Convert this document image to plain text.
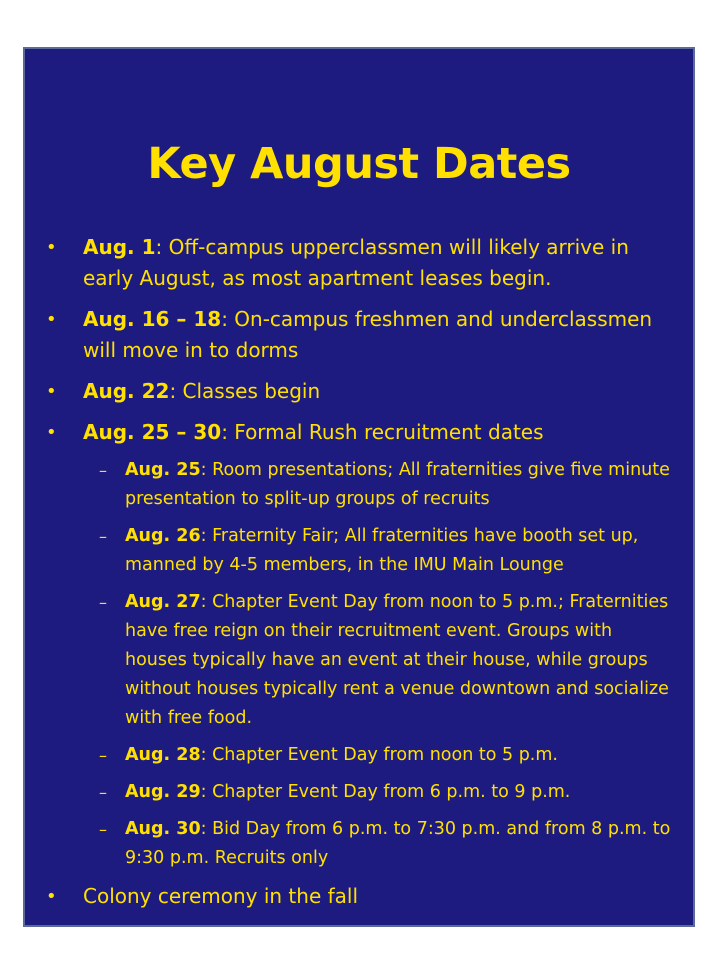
Key August Dates
• Aug. 1: Off-campus upperclassmen will likely arrive in early August, as most apartment leases begin.
• Aug. 16 – 18: On-campus freshmen and underclassmen will move in to dorms
• Aug. 22: Classes begin
• Aug. 25 – 30: Formal Rush recruitment dates
– Aug. 25: Room presentations; All fraternities give five minute presentation to split-up groups of recruits
– Aug. 26: Fraternity Fair; All fraternities have booth set up, manned by 4-5 members, in the IMU Main Lounge
– Aug. 27: Chapter Event Day from noon to 5 p.m.; Fraternities have free reign on their recruitment event. Groups with houses typically have an event at their house, while groups without houses typically rent a venue downtown and socialize with free food.
– Aug. 28: Chapter Event Day from noon to 5 p.m.
– Aug. 29: Chapter Event Day from 6 p.m. to 9 p.m.
– Aug. 30: Bid Day from 6 p.m. to 7:30 p.m. and from 8 p.m. to 9:30 p.m. Recruits only
• Colony ceremony in the fall
